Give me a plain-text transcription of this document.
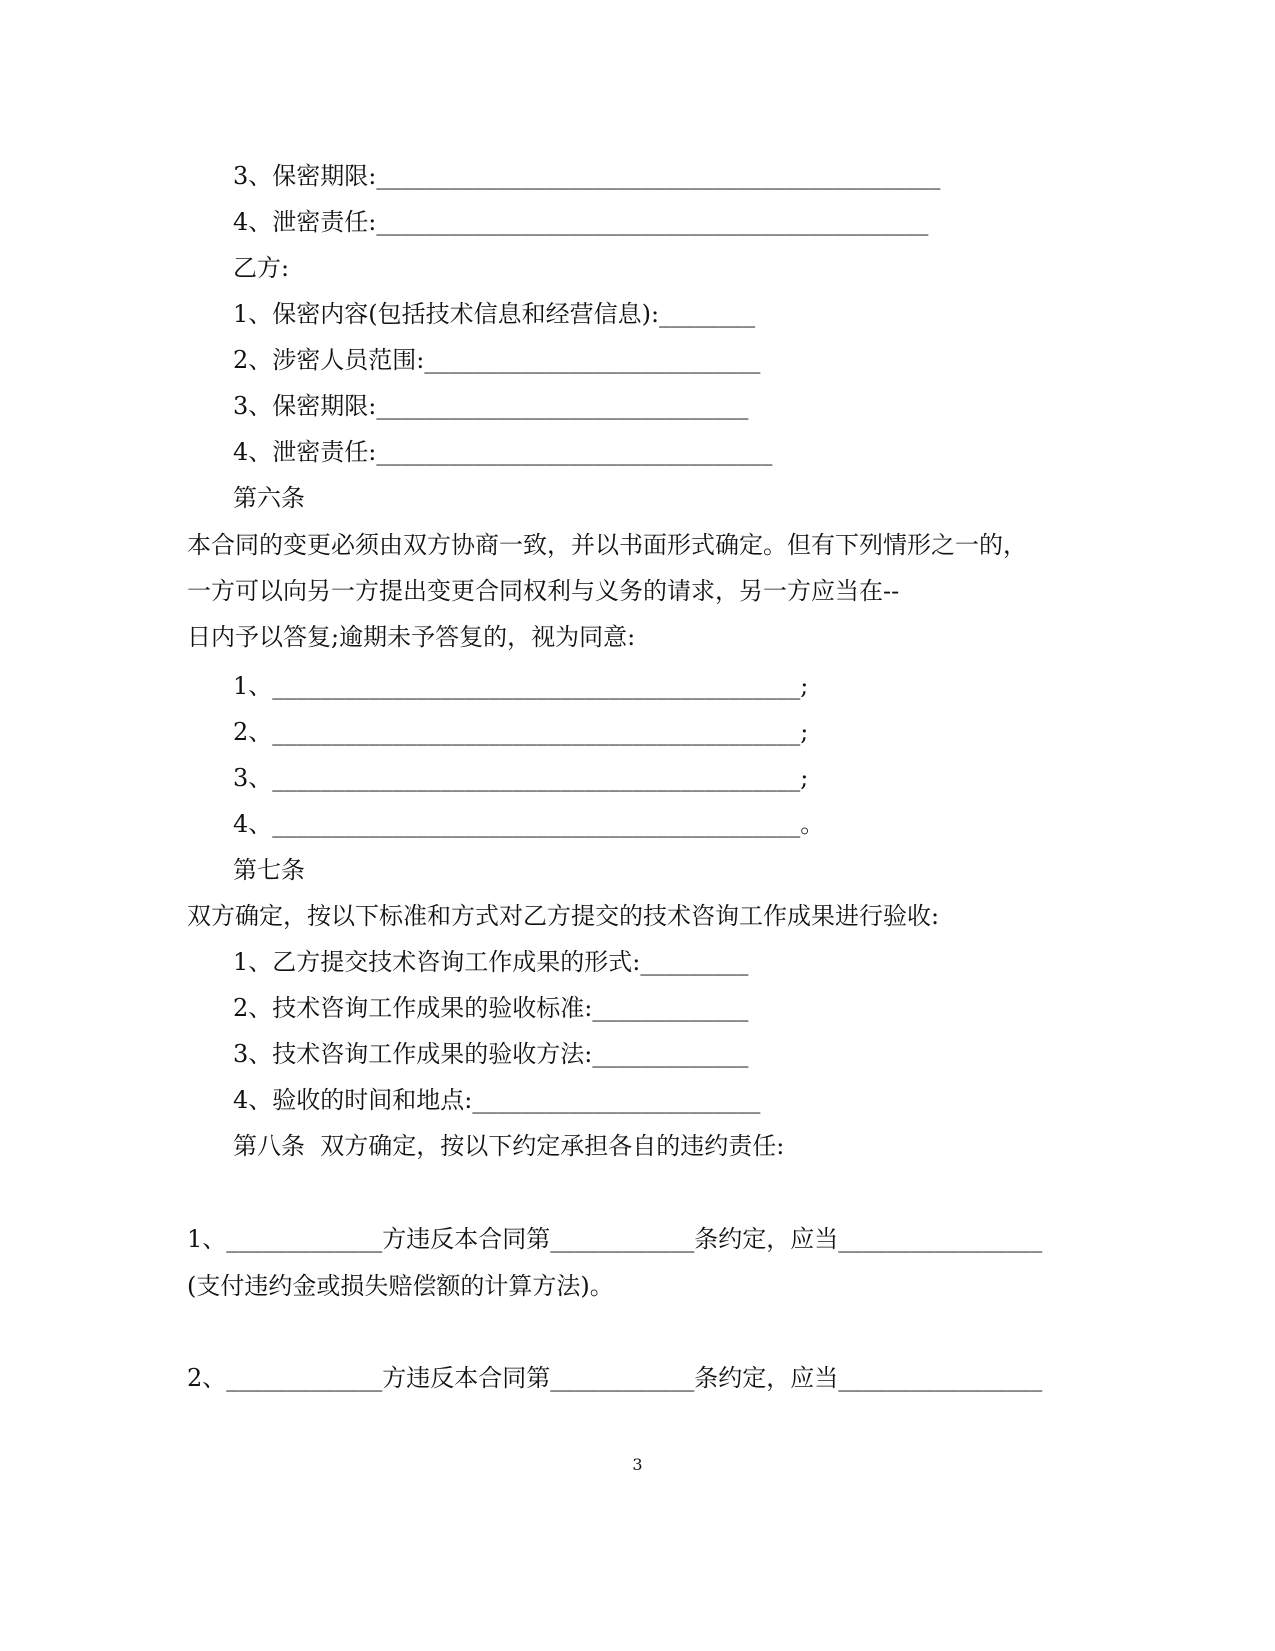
3、保密期限:_______________________________________________
4、泄密责任:______________________________________________
乙方:
1、保密内容(包括技术信息和经营信息):________
2、涉密人员范围:____________________________
3、保密期限:_______________________________
4、泄密责任:_________________________________
第六条
本合同的变更必须由双方协商一致，并以书面形式确定。但有下列情形之一的，
一方可以向另一方提出变更合同权利与义务的请求，另一方应当在--
日内予以答复;逾期未予答复的，视为同意:
1、____________________________________________;
2、____________________________________________;
3、____________________________________________;
4、____________________________________________。
第七条
双方确定，按以下标准和方式对乙方提交的技术咨询工作成果进行验收:
1、乙方提交技术咨询工作成果的形式:_________
2、技术咨询工作成果的验收标准:_____________
3、技术咨询工作成果的验收方法:_____________
4、验收的时间和地点:________________________
第八条  双方确定，按以下约定承担各自的违约责任:
1、_____________方违反本合同第____________条约定，应当_________________
(支付违约金或损失赔偿额的计算方法)。
2、_____________方违反本合同第____________条约定，应当_________________
3
